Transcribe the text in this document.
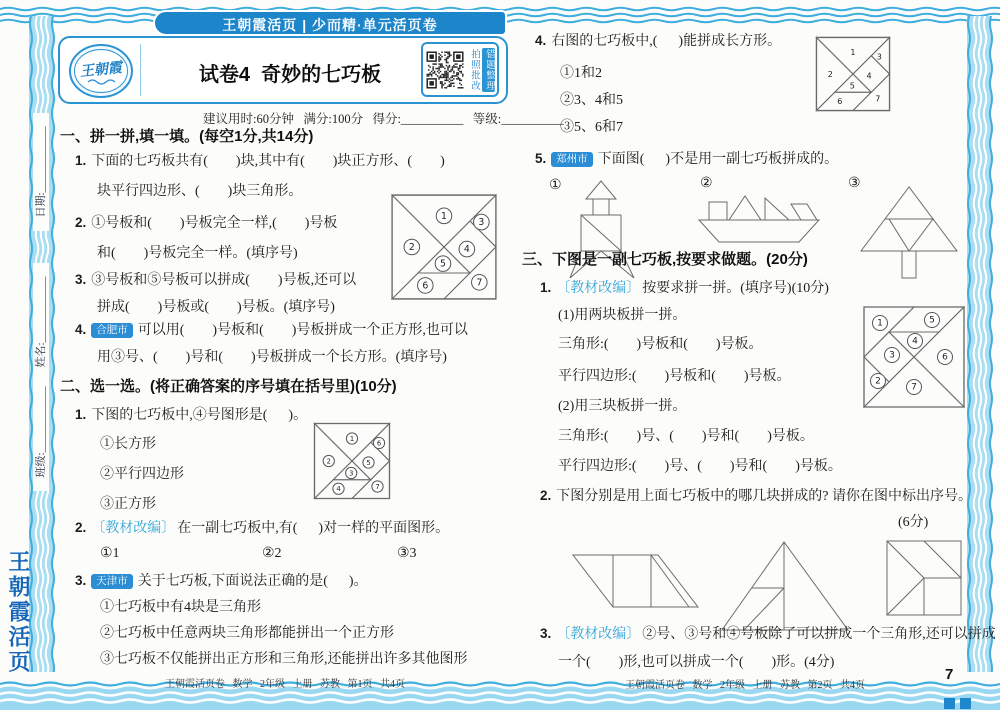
日期:____________
姓名:____________
班级:____________
王朝霞活页
王朝霞活页 | 少而精·单元活页卷
王朝霞	试卷4  奇妙的七巧板	拍照批改 错题整理
建议用时:60分钟   满分:100分   得分:__________   等级:__________
一、拼一拼,填一填。(每空1分,共14分)
1. 下面的七巧板共有(        )块,其中有(        )块正方形、(        )
块平行四边形、(        )块三角形。
2. ①号板和(        )号板完全一样,(        )号板
和(        )号板完全一样。(填序号)
3. ③号板和⑤号板可以拼成(        )号板,还可以
拼成(        )号板或(        )号板。(填序号)
4. 合肥市 可以用(        )号板和(        )号板拼成一个正方形,也可以
用③号、(        )号和(        )号板拼成一个长方形。(填序号)
1
2
3
4
5
6	7
二、选一选。(将正确答案的序号填在括号里)(10分)
1. 下图的七巧板中,④号图形是(      )。
①长方形
②平行四边形
③正方形
1
2
6
5
3
4	7
2. 〔教材改编〕 在一副七巧板中,有(      )对一样的平面图形。
①1	②2	③3
3. 天津市 关于七巧板,下面说法正确的是(      )。
①七巧板中有4块是三角形
②七巧板中任意两块三角形都能拼出一个正方形
③七巧板不仅能拼出正方形和三角形,还能拼出许多其他图形
王朝霞活页卷   数学   2年级   上册   苏教   第1页   共4页
4. 右图的七巧板中,(      )能拼成长方形。
①1和2
②3、4和5
③5、6和7
1
2
3
4
5
6	7
5. 郑州市 下面图(      )不是用一副七巧板拼成的。
①	②	③
三、下图是一副七巧板,按要求做题。(20分)
1. 〔教材改编〕 按要求拼一拼。(填序号)(10分)
(1)用两块板拼一拼。
三角形:(        )号板和(        )号板。
平行四边形:(        )号板和(        )号板。
(2)用三块板拼一拼。
三角形:(        )号、(        )号和(        )号板。
平行四边形:(        )号、(        )号和(        )号板。
7
6
2
3
4
5
1
2. 下图分别是用上面七巧板中的哪几块拼成的? 请你在图中标出序号。
(6分)
3. 〔教材改编〕 ②号、③号和④号板除了可以拼成一个三角形,还可以拼成
一个(        )形,也可以拼成一个(        )形。(4分)
王朝霞活页卷   数学   2年级   上册   苏教   第2页   共4页
7
